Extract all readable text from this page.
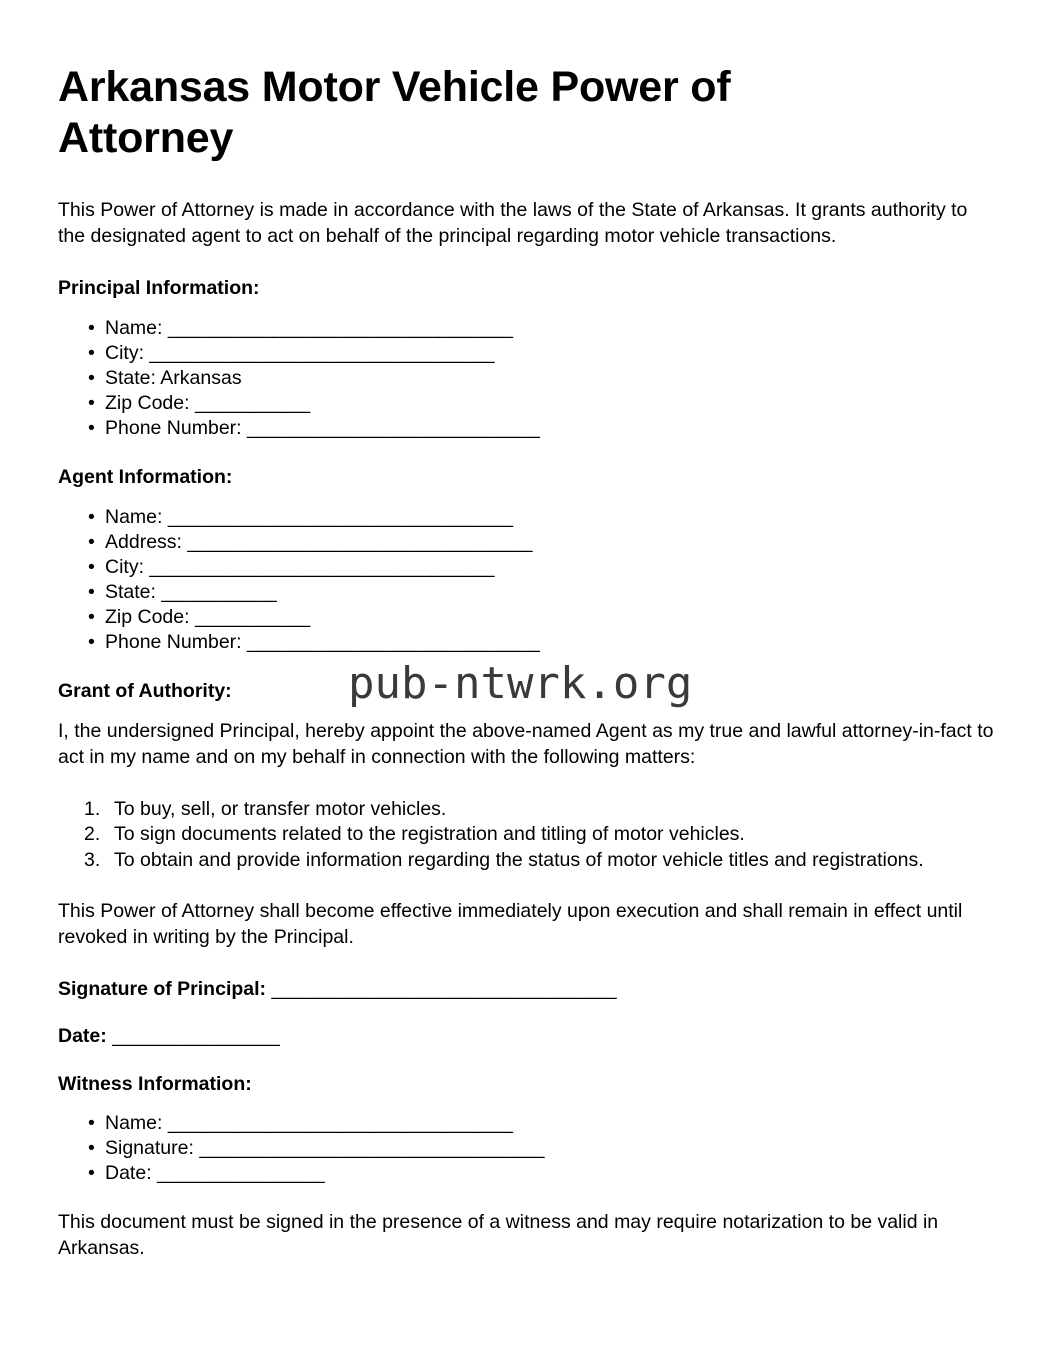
Arkansas Motor Vehicle Power of Attorney

This Power of Attorney is made in accordance with the laws of the State of Arkansas. It grants authority to the designated agent to act on behalf of the principal regarding motor vehicle transactions.

Principal Information:
• Name: _________________________________
• City: _________________________________
• State: Arkansas
• Zip Code: ___________
• Phone Number: ____________________________
Agent Information:
• Name: _________________________________
• Address: _________________________________
• City: _________________________________
• State: ___________
• Zip Code: ___________
• Phone Number: ____________________________
Grant of Authority:

I, the undersigned Principal, hereby appoint the above-named Agent as my true and lawful attorney-in-fact to act in my name and on my behalf in connection with the following matters:

To buy, sell, or transfer motor vehicles.
To sign documents related to the registration and titling of motor vehicles.
To obtain and provide information regarding the status of motor vehicle titles and registrations.

This Power of Attorney shall become effective immediately upon execution and shall remain in effect until revoked in writing by the Principal.

Signature of Principal: _________________________________
Date: ________________
Witness Information:
• Name: _________________________________
• Signature: _________________________________
• Date: ________________

This document must be signed in the presence of a witness and may require notarization to be valid in Arkansas.

pub-ntwrk.org
